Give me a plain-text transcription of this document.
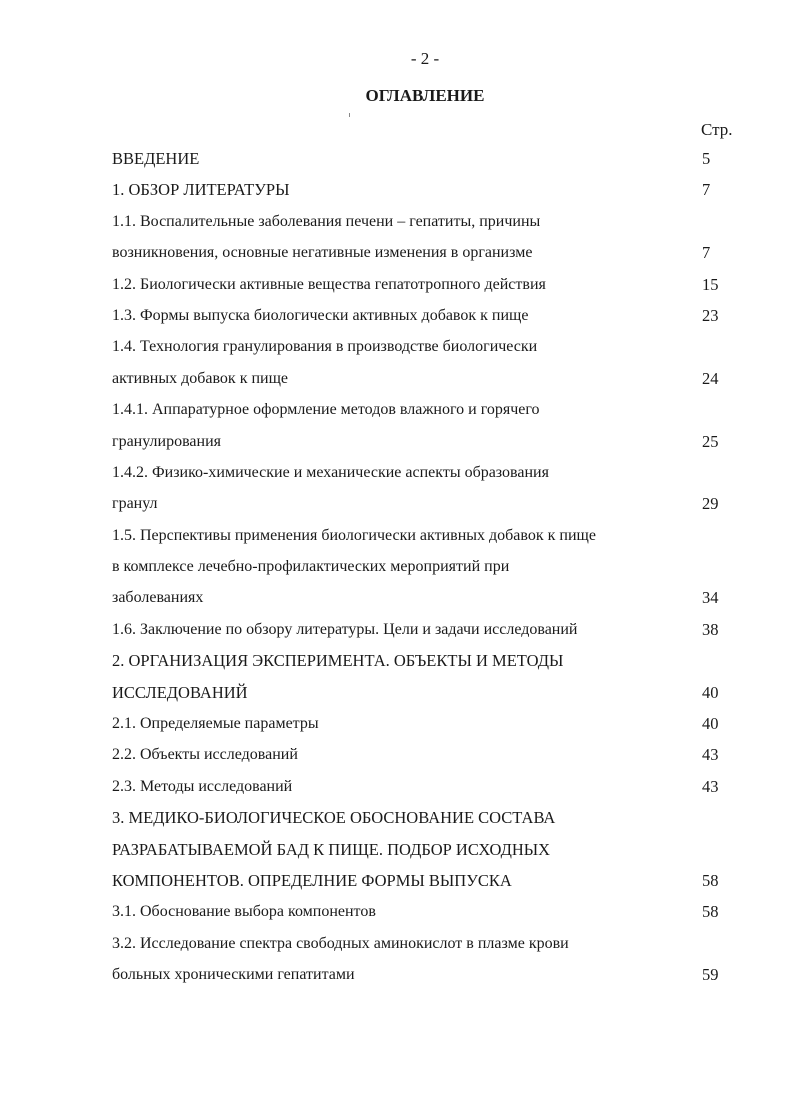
- 2 -
ОГЛАВЛЕНИЕ
Стр.
ВВЕДЕНИЕ	5
1. ОБЗОР ЛИТЕРАТУРЫ	7
1.1. Воспалительные заболевания печени – гепатиты, причины
возникновения, основные негативные изменения в организме	7
1.2. Биологически активные вещества гепатотропного действия	15
1.3. Формы выпуска биологически активных добавок к пище	23
1.4. Технология гранулирования в производстве биологически
активных добавок к пище	24
1.4.1. Аппаратурное оформление методов влажного и горячего
гранулирования	25
1.4.2. Физико-химические и механические аспекты образования
гранул	29
1.5. Перспективы применения биологически активных добавок к пище
в комплексе лечебно-профилактических мероприятий при
заболеваниях	34
1.6. Заключение по обзору литературы. Цели и задачи исследований	38
2. ОРГАНИЗАЦИЯ ЭКСПЕРИМЕНТА. ОБЪЕКТЫ И МЕТОДЫ
ИССЛЕДОВАНИЙ	40
2.1. Определяемые параметры	40
2.2. Объекты исследований	43
2.3. Методы исследований	43
3. МЕДИКО-БИОЛОГИЧЕСКОЕ ОБОСНОВАНИЕ СОСТАВА
РАЗРАБАТЫВАЕМОЙ БАД К ПИЩЕ. ПОДБОР ИСХОДНЫХ
КОМПОНЕНТОВ. ОПРЕДЕЛНИЕ ФОРМЫ ВЫПУСКА	58
3.1. Обоснование выбора компонентов	58
3.2. Исследование спектра свободных аминокислот в плазме крови
больных хроническими гепатитами	59
